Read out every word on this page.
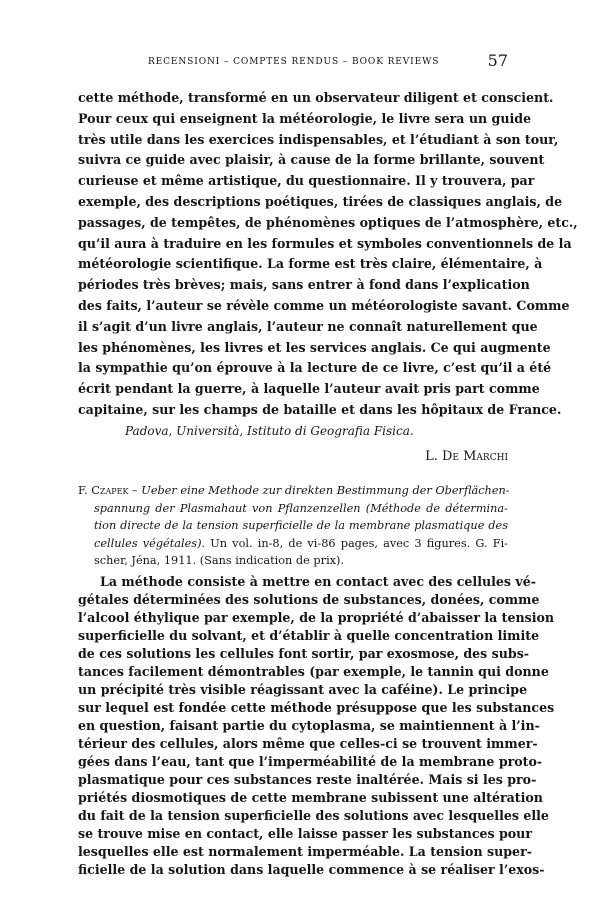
RECENSIONI – COMPTES RENDUS – BOOK REVIEWS	57
cette méthode, transformé en un observateur diligent et conscient.
Pour ceux qui enseignent la météorologie, le livre sera un guide
très utile dans les exercices indispensables, et l’étudiant à son tour,
suivra ce guide avec plaisir, à cause de la forme brillante, souvent
curieuse et même artistique, du questionnaire. Il y trouvera, par
exemple, des descriptions poétiques, tirées de classiques anglais, de
passages, de tempêtes, de phénomènes optiques de l’atmosphère, etc.,
qu’il aura à traduire en les formules et symboles conventionnels de la
météorologie scientifique. La forme est très claire, élémentaire, à
périodes très brèves; mais, sans entrer à fond dans l’explication
des faits, l’auteur se révèle comme un météorologiste savant. Comme
il s’agit d’un livre anglais, l’auteur ne connaît naturellement que
les phénomènes, les livres et les services anglais. Ce qui augmente
la sympathie qu’on éprouve à la lecture de ce livre, c’est qu’il a été
écrit pendant la guerre, à laquelle l’auteur avait pris part comme
capitaine, sur les champs de bataille et dans les hôpitaux de France.
Padova, Università, Istituto di Geografia Fisica.
L. De Marchi
F. Czapek – Ueber eine Methode zur direkten Bestimmung der Oberflächen-
spannung der Plasmahaut von Pflanzenzellen (Méthode de détermina-
tion directe de la tension superficielle de la membrane plasmatique des
cellules végétales). Un vol. in-8, de vi-86 pages, avec 3 figures. G. Fi-
scher, Jéna, 1911. (Sans indication de prix).
La méthode consiste à mettre en contact avec des cellules vé-
gétales déterminées des solutions de substances, donées, comme
l’alcool éthylique par exemple, de la propriété d’abaisser la tension
superficielle du solvant, et d’établir à quelle concentration limite
de ces solutions les cellules font sortir, par exosmose, des subs-
tances facilement démontrables (par exemple, le tannin qui donne
un précipité très visible réagissant avec la caféine). Le principe
sur lequel est fondée cette méthode présuppose que les substances
en question, faisant partie du cytoplasma, se maintiennent à l’in-
térieur des cellules, alors même que celles-ci se trouvent immer-
gées dans l’eau, tant que l’imperméabilité de la membrane proto-
plasmatique pour ces substances reste inaltérée. Mais si les pro-
priétés diosmotiques de cette membrane subissent une altération
du fait de la tension superficielle des solutions avec lesquelles elle
se trouve mise en contact, elle laisse passer les substances pour
lesquelles elle est normalement imperméable. La tension super-
ficielle de la solution dans laquelle commence à se réaliser l’exos-
